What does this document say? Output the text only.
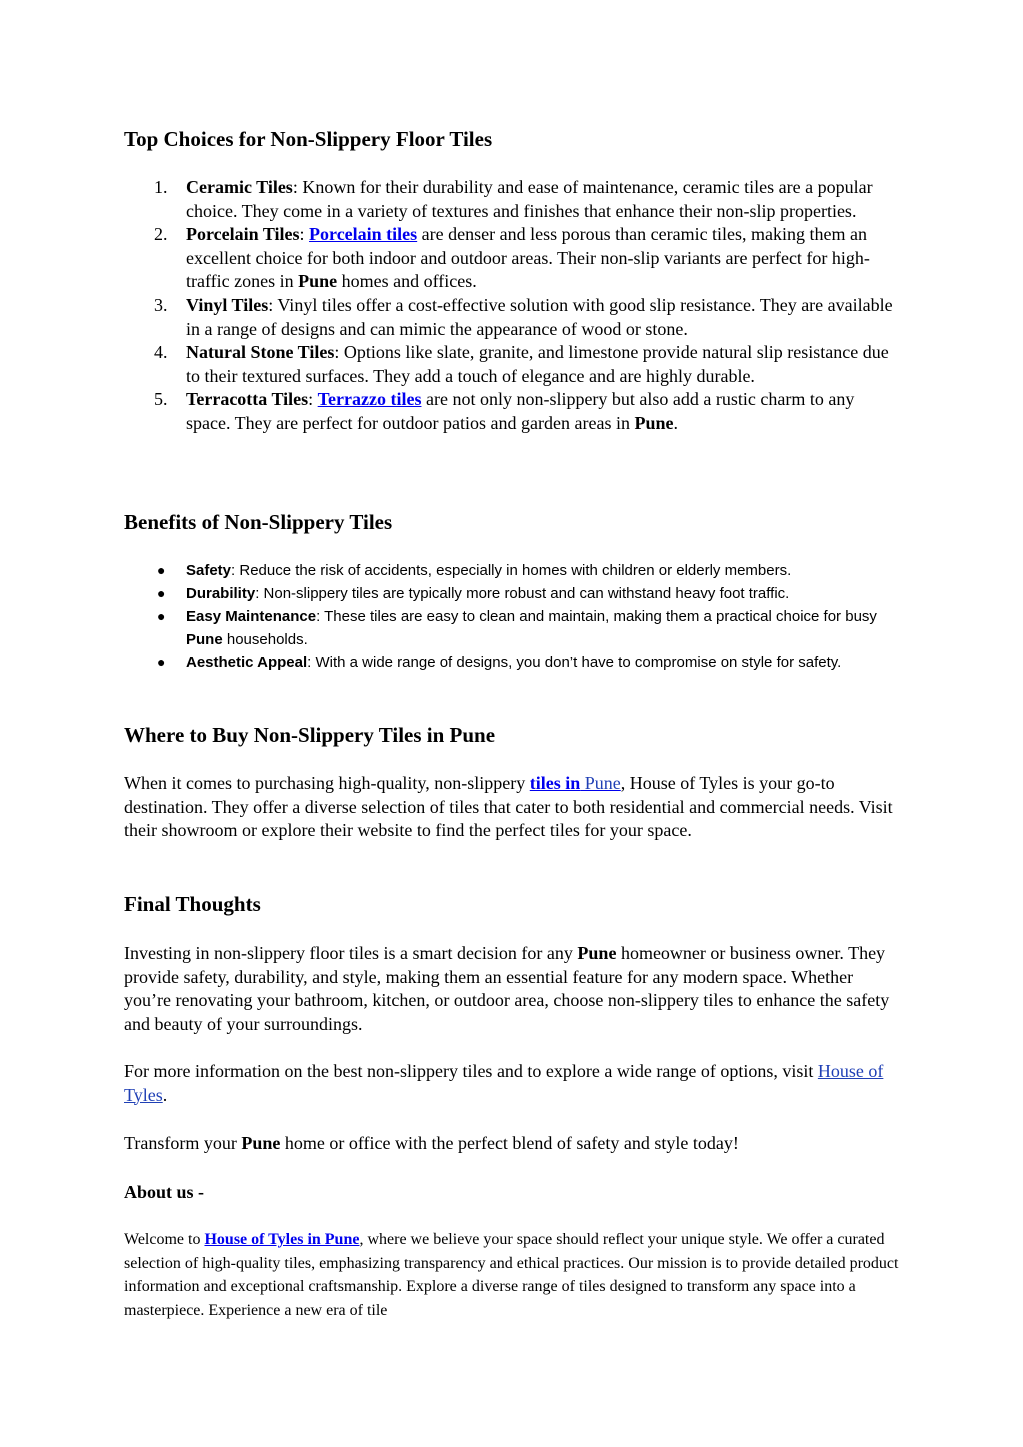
Top Choices for Non-Slippery Floor Tiles
1. Ceramic Tiles: Known for their durability and ease of maintenance, ceramic tiles are a popular choice. They come in a variety of textures and finishes that enhance their non-slip properties.
2. Porcelain Tiles: Porcelain tiles are denser and less porous than ceramic tiles, making them an excellent choice for both indoor and outdoor areas. Their non-slip variants are perfect for high-traffic zones in Pune homes and offices.
3. Vinyl Tiles: Vinyl tiles offer a cost-effective solution with good slip resistance. They are available in a range of designs and can mimic the appearance of wood or stone.
4. Natural Stone Tiles: Options like slate, granite, and limestone provide natural slip resistance due to their textured surfaces. They add a touch of elegance and are highly durable.
5. Terracotta Tiles: Terrazzo tiles are not only non-slippery but also add a rustic charm to any space. They are perfect for outdoor patios and garden areas in Pune.
Benefits of Non-Slippery Tiles
● Safety: Reduce the risk of accidents, especially in homes with children or elderly members.
● Durability: Non-slippery tiles are typically more robust and can withstand heavy foot traffic.
● Easy Maintenance: These tiles are easy to clean and maintain, making them a practical choice for busy Pune households.
● Aesthetic Appeal: With a wide range of designs, you don’t have to compromise on style for safety.
Where to Buy Non-Slippery Tiles in Pune

When it comes to purchasing high-quality, non-slippery tiles in Pune, House of Tyles is your go-to destination. They offer a diverse selection of tiles that cater to both residential and commercial needs. Visit their showroom or explore their website to find the perfect tiles for your space.

Final Thoughts

Investing in non-slippery floor tiles is a smart decision for any Pune homeowner or business owner. They provide safety, durability, and style, making them an essential feature for any modern space. Whether you’re renovating your bathroom, kitchen, or outdoor area, choose non-slippery tiles to enhance the safety and beauty of your surroundings.

For more information on the best non-slippery tiles and to explore a wide range of options, visit House of Tyles.

Transform your Pune home or office with the perfect blend of safety and style today!

About us -

Welcome to House of Tyles in Pune, where we believe your space should reflect your unique style. We offer a curated selection of high-quality tiles, emphasizing transparency and ethical practices. Our mission is to provide detailed product information and exceptional craftsmanship. Explore a diverse range of tiles designed to transform any space into a masterpiece. Experience a new era of tile
